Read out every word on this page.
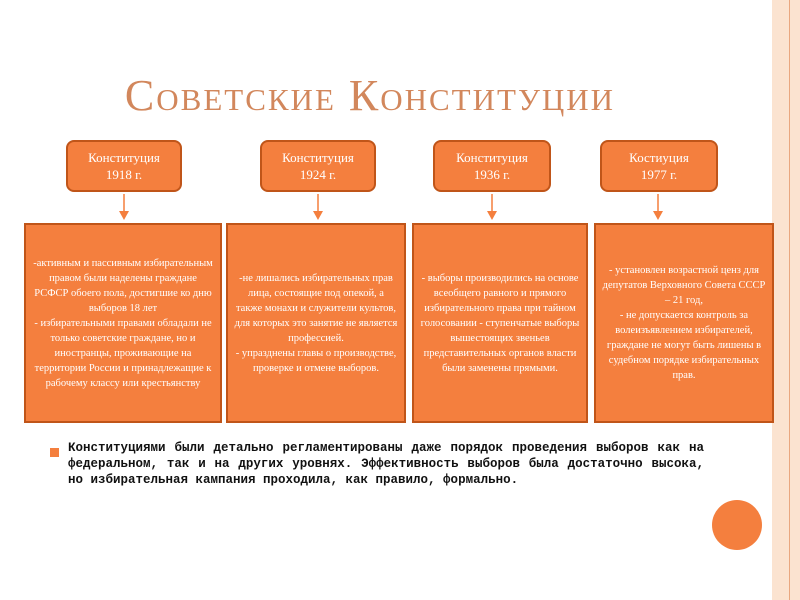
Советские Конституции
Конституция
1918 г.
-активным и пассивным избирательным правом были наделены граждане РСФСР обоего пола, достигшие ко дню выборов 18 лет
- избирательными правами обладали не только советские граждане, но и иностранцы, проживающие на территории России и принадлежащие к рабочему классу или крестьянству
Конституция
1924 г.
-не лишались избирательных прав лица, состоящие под опекой, а также монахи и служители культов, для которых это занятие не является профессией.
- упразднены главы о производстве, проверке и отмене выборов.
Конституция
1936 г.
- выборы производились на основе всеобщего равного и прямого избирательного права при тайном голосовании - ступенчатые выборы вышестоящих звеньев представительных органов власти были заменены прямыми.
Костиуция
1977 г.
- установлен возрастной ценз для депутатов Верховного Совета СССР – 21 год,
- не допускается контроль за волеизъявлением избирателей, граждане не могут быть лишены в судебном порядке избирательных прав.
Конституциями были детально регламентированы даже порядок проведения выборов как на федеральном, так и на других уровнях. Эффективность выборов была достаточно высока, но избирательная кампания проходила, как правило, формально.
